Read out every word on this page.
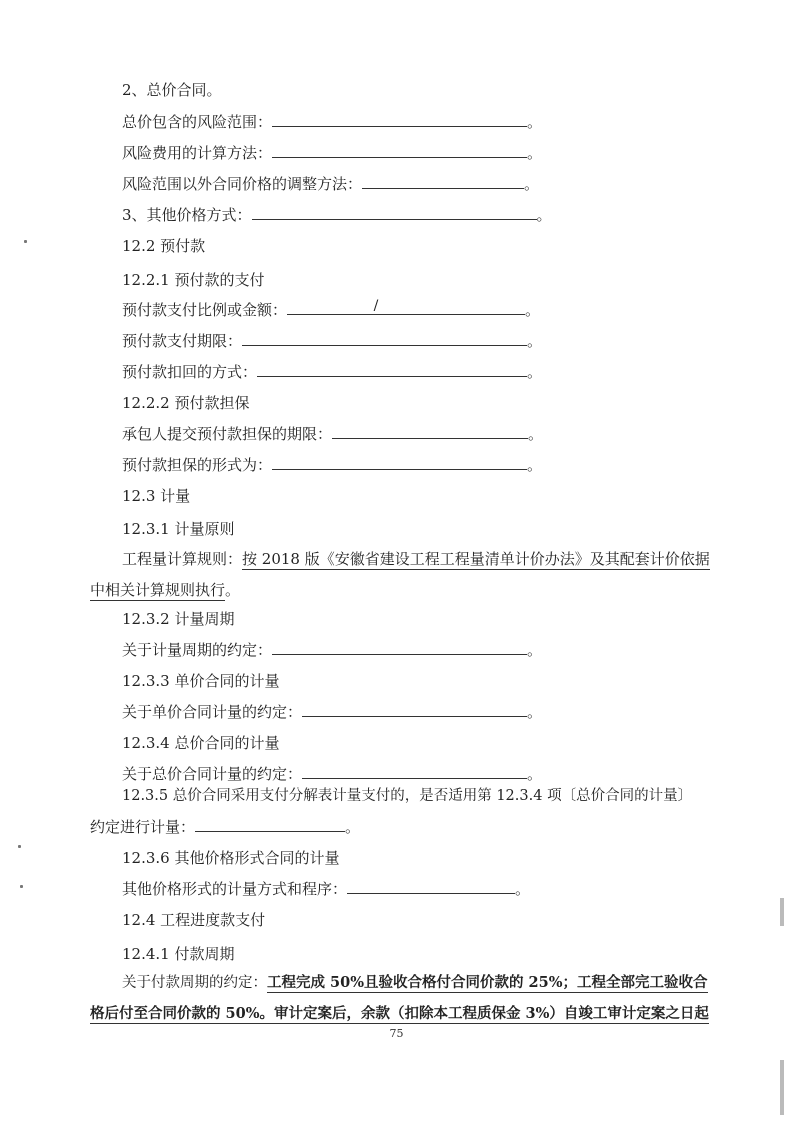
2、总价合同。
总价包含的风险范围：	。
风险费用的计算方法：	。
风险范围以外合同价格的调整方法：	。
3、其他价格方式：	。
12.2 预付款
12.2.1 预付款的支付
预付款支付比例或金额：	/	。
预付款支付期限：	。
预付款扣回的方式：	。
12.2.2 预付款担保
承包人提交预付款担保的期限：	。
预付款担保的形式为：	。
12.3 计量
12.3.1 计量原则
工程量计算规则：按 2018 版《安徽省建设工程工程量清单计价办法》及其配套计价依据
中相关计算规则执行。
12.3.2 计量周期
关于计量周期的约定：	。
12.3.3 单价合同的计量
关于单价合同计量的约定：	。
12.3.4 总价合同的计量
关于总价合同计量的约定：	。
12.3.5 总价合同采用支付分解表计量支付的，是否适用第 12.3.4 项〔总价合同的计量〕
约定进行计量：	。
12.3.6 其他价格形式合同的计量
其他价格形式的计量方式和程序：	。
12.4 工程进度款支付
12.4.1 付款周期
关于付款周期的约定：工程完成 50%且验收合格付合同价款的 25%；工程全部完工验收合
格后付至合同价款的 50%。审计定案后，余款（扣除本工程质保金 3%）自竣工审计定案之日起
75
